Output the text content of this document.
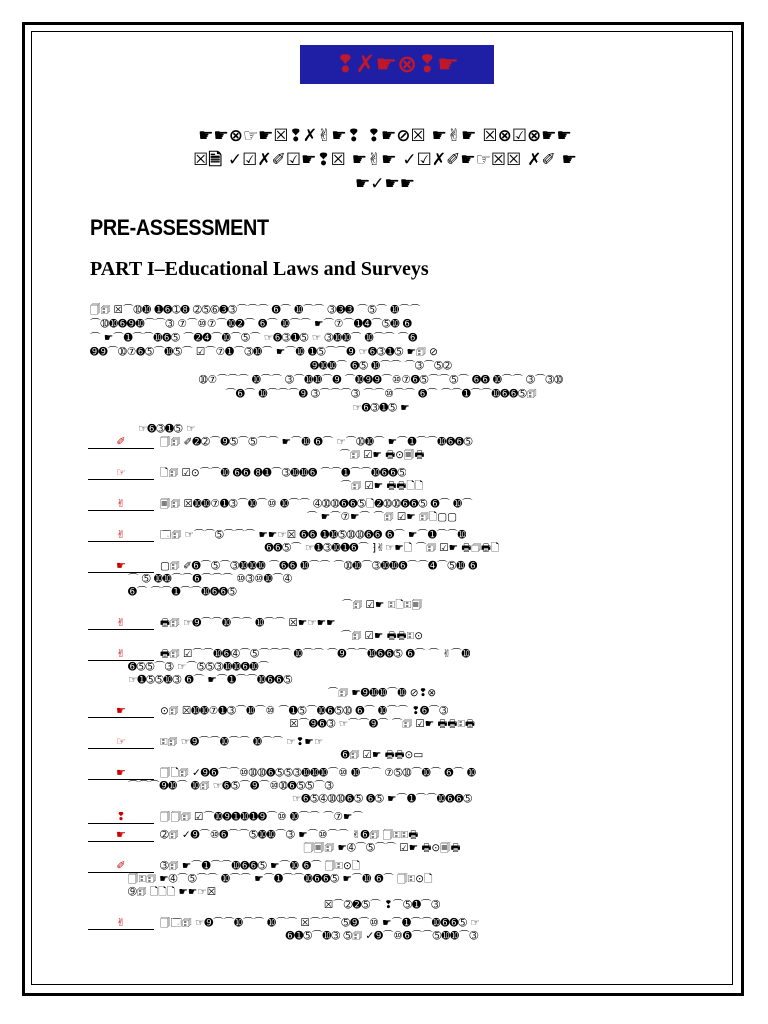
❢✗☛⊗❢☛
☛☛⊗☞☛☒❢✗✌☛❢ ❢☛⊘☒ ☛✌☛ ☒⊗☑⊗☛☛
☒🗎 ✓☑✗✐☑☛❢☒ ☛✌☛ ✓☑✗✐☛☞☒☒ ✗✐ ☛
☛✓☛☛
PRE-ASSESSMENT
PART I–Educational Laws and Surveys
🗍🗊 ☒⌒➉➓ ➊➏➀➑ ➁➄➅➌➂⌒⌒⌒ ➏⌒ ➓⌒⌒ ➂➌➌ ⌒➄⌒ ➓⌒⌒
⌒➉➓➏➒➓⌒⌒➂ ⑦⌒⑩⑦⌒➓➋⌒ ➏⌒ ➓⌒⌒ ☛⌒⑦⌒➊➍⌒➄➓ ➏
⌒ ☛⌒➊⌒⌒➓➏➄ ⌒➋➍⌒➓⌒➄⌒ ☞➏➂➊➄ ☞ ➂➓➓⌒ ➓⌒⌒ ⌒➏
➒➒⌒➉⑦➏➄⌒➓➄⌒ ☑⌒⑦➊⌒➂➓⌒ ☛⌒➓ ➊➄⌒⌒➒ ☞➏➂➊➄ ☛🗊 ⊘
➒➓➓⌒ ➏➄ ➓⌒⌒ ⌒➂⌒➄➁
➉⑦⌒⌒⌒ ➓⌒⌒ ➂⌒➓➓⌒➒ ⌒➓➒➒⌒⑩⑦➏➄⌒⌒➄⌒ ➏➏ ➓⌒⌒ ➂⌒➂➉
⌒➏⌒ ➓⌒⌒⌒➒ ➂⌒⌒⌒➂ ⌒⌒⑩⌒⌒ ➏⌒ ⌒⌒➊⌒⌒➓➏➏➄🗊
☞➏➂➊➄ ☛
☞➏➂➊➄ ☞
✐	🗍🗊 ✐➋➁⌒➒➄⌒➄⌒⌒ ☛⌒➓ ➏⌒ ☞⌒➉➓⌒ ☛⌒➊⌒⌒➓➏➏➄
⌒🗊 ☑☛ 🖶⊙🗐🖶
☞	🗋🗊 ☑⊙⌒⌒➓ ➏➏ ➑➊⌒➂➓➓➏ ⌒⌒➊⌒⌒➓➏➏➄
⌒🗊 ☑☛ 🖶🖶🗋🗋
✌	🗐🗊 ☒➓➓⑦➊➂⌒➓⌒⑩ ➓⌒⌒ ➃➉➉➏➏➄🗋➋➉➉➏➏➄ ➏⌒ ➓⌒
⌒ ☛⌒⑦☛⌒ ⌒🗊 ☑☛ 🗊🗋▢▢
✌	🗔🗊 ☞⌒⌒➄⌒⌒⌒ ☛☛☞☒ ➏➏ ➊➓➄➉➉➏➏ ➏⌒ ☛⌒➊⌒⌒➓
➏➏➄⌒ ☞➊➂➓➊➏⌒ ⁆✌☞☛🗋 ⌒🗊 ☑☛ 🖶🗇🖶🗋
☛	▢🗊 ✐➏⌒➄⌒➂➓➓➓ ⌒➏➏ ➓⌒⌒ ⌒➉➓⌒➂➓➓➏⌒⌒➍⌒➄➓ ➏
⌒ ➄ ➓➓⌒⌒➏⌒⌒⌒ ⑩➂⑩➓⌒➃
➏⌒ ⌒⌒➊⌒⌒➓➏➏➄
⌒🗊 ☑☛ 🗉🗋🗉🗐
✌	🖶🗊 ☞➒⌒⌒➓⌒⌒ ➓⌒⌒ ☒☛☞☛☛
⌒🗊 ☑☛ 🖶🖶🗉⊙
✌	🖶🗊 ☑⌒⌒➓➏➃⌒➄⌒⌒⌒ ➓⌒⌒ ⌒➒⌒⌒➓➏➏➄ ➏⌒ ⌒ ✌⌒➓
➏➄➄⌒➂ ☞⌒➄➄➂➓➓➏➓⌒
☞➊➄➄➓➂ ➏⌒ ☛⌒➊⌒⌒➓➏➏➄
⌒🗊 ☛➒➓➓⌒➓ ⊘❢⊗
☛	⊙🗊 ☒➓➓⑦➊➂⌒➓⌒⑩ ⌒➊➄⌒➓➏➄➉ ➏⌒ ➓⌒⌒ ❢➏⌒➂
☒⌒➒➏➂ ☞⌒⌒➒⌒ ⌒🗊 ☑☛ 🖶🖶🗉🖶
☞	🗉🗊 ☞➒⌒⌒➓⌒⌒ ➓⌒⌒ ☞❢☛☞
➏🗊 ☑☛ 🖶🖶⊙▭
☛	🗍🗋🗊 ✓➒➏⌒⌒⑩➉➉➏➄➄➂➓➓➓⌒⑩ ➓⌒⌒ ⑦➄➉⌒➓⌒ ➏⌒ ➓
⌒⌒⌒➒➓⌒ ➓🗊 ☞➏➄⌒➒⌒⑩➉➏➄➄⌒➂
☞➏➄➃➉➉➏➄ ➏➄ ☛⌒➊⌒⌒➓➏➏➄
❢	🗍🗍🗊 ☑⌒➓➒➊➓➊➒⌒⑩ ➓⌒⌒ ⌒⑦☛⌒
☛	➁🗊 ✓➒⌒⑩➏⌒⌒➄➓➓⌒➂ ☛⌒⑩⌒⌒ ✌➏🗊 🗍🗉🗉🖶
🗍🗐🗊 ☛➃⌒➄⌒⌒ ☑☛ 🖶⊙🗐🖶
✐	➂🗊 ☛⌒➊⌒⌒➓➏➏➄ ☛⌒➓ ➏⌒ 🗍🗉⊙🗋
🗍🗉🗊 ☛➃⌒➄⌒⌒ ➓⌒⌒ ☛⌒➊⌒⌒➓➏➏➄ ☛⌒➓ ➏⌒ 🗍🗉⊙🗋
➈🗊 🗋🗋🗋 ☛☛☞☒
☒⌒➁➋➄⌒ ❢⌒➄➊⌒➂
✌	🗍🗔🗊 ☞➒⌒⌒➓⌒⌒ ➓⌒⌒ ☒⌒⌒⌒➄➒⌒⑩ ☛⌒➊⌒⌒➓➏➏➄ ☞
➏➊➄⌒➓➂ ➄🗊 ✓➒⌒⑩➏⌒⌒➄➓➓⌒➂
